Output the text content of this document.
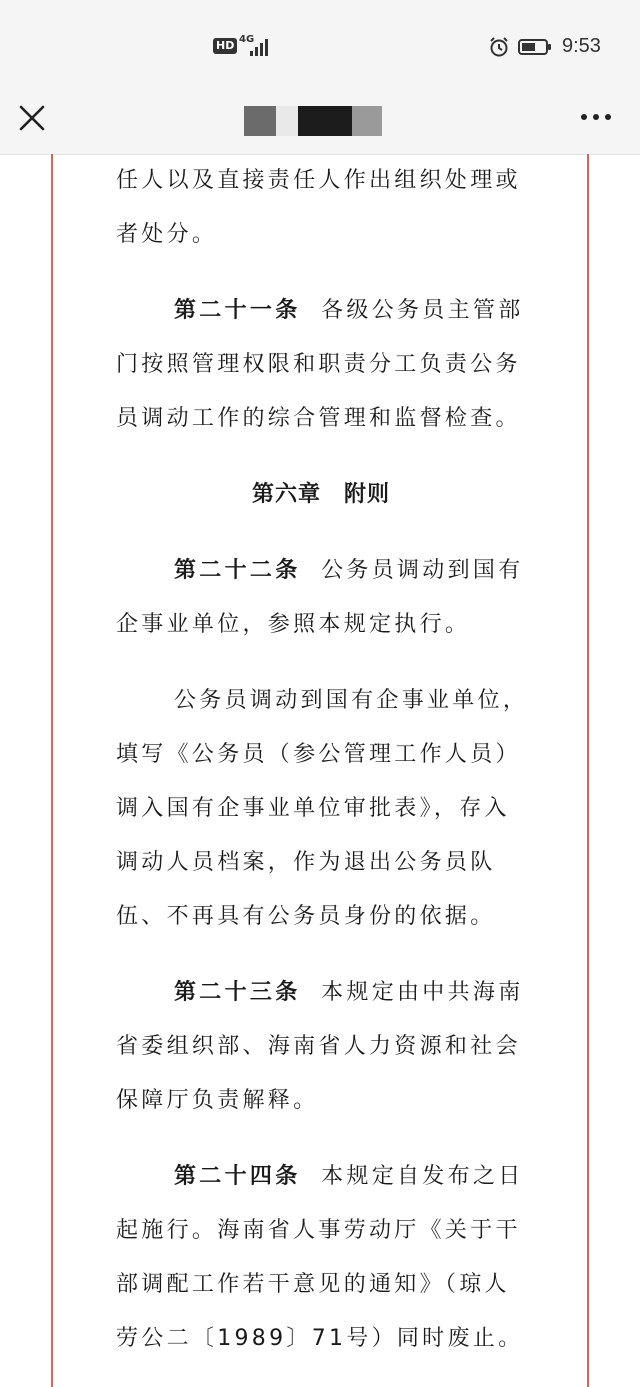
HD 4G	9:53
任人以及直接责任人作出组织处理或
者处分。
第二十一条 各级公务员主管部
门按照管理权限和职责分工负责公务
员调动工作的综合管理和监督检查。
第六章　附则
第二十二条 公务员调动到国有
企事业单位，参照本规定执行。
公务员调动到国有企事业单位，
填写《公务员（参公管理工作人员）
调入国有企事业单位审批表》，存入
调动人员档案，作为退出公务员队
伍、不再具有公务员身份的依据。
第二十三条 本规定由中共海南
省委组织部、海南省人力资源和社会
保障厅负责解释。
第二十四条 本规定自发布之日
起施行。海南省人事劳动厅《关于干
部调配工作若干意见的通知》（琼人
劳公二〔1989〕71号）同时废止。
